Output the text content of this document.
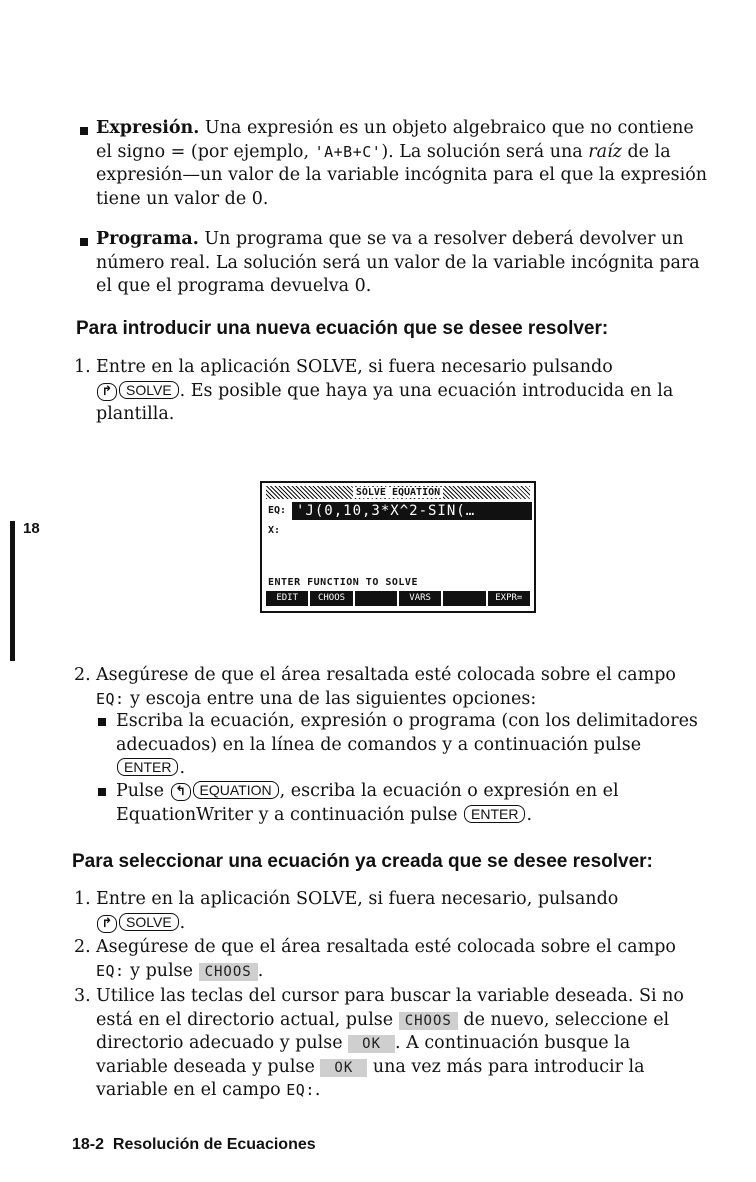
Expresión. Una expresión es un objeto algebraico que no contiene
el signo = (por ejemplo, 'A+B+C'). La solución será una raíz de la
expresión—un valor de la variable incógnita para el que la expresión
tiene un valor de 0.
Programa. Un programa que se va a resolver deberá devolver un
número real. La solución será un valor de la variable incógnita para
el que el programa devuelva 0.
Para introducir una nueva ecuación que se desee resolver:
1. Entre en la aplicación SOLVE, si fuera necesario pulsando
↱ SOLVE . Es posible que haya ya una ecuación introducida en la
plantilla.
18
SOLVE EQUATION
EQ: 'J(0,10,3*X^2-SIN(…
X:
ENTER FUNCTION TO SOLVE
EDIT	CHOOS	VARS	EXPR=
2. Asegúrese de que el área resaltada esté colocada sobre el campo
EQ: y escoja entre una de las siguientes opciones:
Escriba la ecuación, expresión o programa (con los delimitadores
adecuados) en la línea de comandos y a continuación pulse
ENTER .
Pulse ↰ EQUATION , escriba la ecuación o expresión en el
EquationWriter y a continuación pulse ENTER .
Para seleccionar una ecuación ya creada que se desee resolver:
1. Entre en la aplicación SOLVE, si fuera necesario, pulsando
↱ SOLVE .
2. Asegúrese de que el área resaltada esté colocada sobre el campo
EQ: y pulse CHOOS .
3. Utilice las teclas del cursor para buscar la variable deseada. Si no
está en el directorio actual, pulse CHOOS de nuevo, seleccione el
directorio adecuado y pulse OK . A continuación busque la
variable deseada y pulse OK una vez más para introducir la
variable en el campo EQ:.
18-2  Resolución de Ecuaciones
